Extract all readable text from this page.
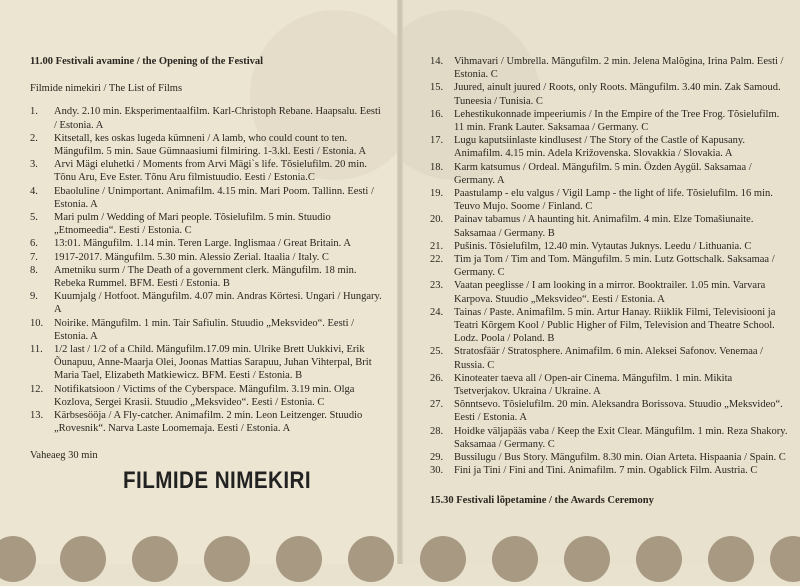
11.00 Festivali avamine / the Opening of the Festival
Filmide nimekiri / The List of Films
1.	Andy. 2.10 min. Eksperimentaalfilm. Karl-Christoph Rebane. Haapsalu. Eesti / Estonia. A
2.	Kitsetall, kes oskas lugeda kümneni / A lamb, who could count to ten. Mängufilm. 5 min. Saue Gümnaasiumi filmiring. 1-3.kl. Eesti / Estonia. A
3.	Arvi Mägi eluhetki / Moments from Arvi Mägi`s life. Tõsielufilm. 20 min. Tõnu Aru, Eve Ester. Tõnu Aru filmistuudio. Eesti / Estonia.C
4.	Ebaoluline / Unimportant. Animafilm. 4.15 min. Mari Poom. Tallinn. Eesti / Estonia. A
5.	Mari pulm / Wedding of Mari people. Tõsielufilm. 5 min. Stuudio „Etnomeedia“. Eesti / Estonia. C
6.	13:01. Mängufilm. 1.14 min. Teren Large. Inglismaa / Great Britain. A
7.	1917-2017. Mängufilm. 5.30 min. Alessio Zerial. Itaalia / Italy. C
8.	Ametniku surm / The Death of a government clerk. Mängufilm. 18 min. Rebeka Rummel. BFM. Eesti / Estonia. B
9.	Kuumjalg / Hotfoot. Mängufilm. 4.07 min. Andras Körtesi. Ungari / Hungary. A
10.	Noirike. Mängufilm. 1 min. Tair Safiulin. Stuudio „Meksvideo“. Eesti / Estonia. A
11.	1/2 last / 1/2 of a Child. Mängufilm.17.09 min. Ulrike Brett Uukkivi, Erik Õunapuu, Anne-Maarja Olei, Joonas Mattias Sarapuu, Juhan Vihterpal, Brit Maria Tael, Elizabeth Matkiewicz. BFM. Eesti / Estonia. B
12.	Notifikatsioon / Victims of the Cyberspace. Mängufilm. 3.19 min. Olga Kozlova, Sergei Krasii. Stuudio „Meksvideo“. Eesti / Estonia. C
13.	Kärbsesööja / A Fly-catcher. Animafilm. 2 min. Leon Leitzenger. Stuudio „Rovesnik“. Narva Laste Loomemaja. Eesti / Estonia. A
Vaheaeg 30 min
FILMIDE NIMEKIRI
14.	Vihmavari / Umbrella. Mängufilm. 2 min. Jelena Malõgina, Irina Palm. Eesti / Estonia. C
15.	Juured, ainult juured / Roots, only Roots. Mängufilm. 3.40 min. Zak Samoud. Tuneesia / Tunisia. C
16.	Lehestikukonnade impeeriumis / In the Empire of the Tree Frog. Tõsielufilm. 11 min. Frank Lauter. Saksamaa / Germany. C
17.	Lugu kaputsiinlaste kindlusest / The Story of the Castle of Kapusany. Animafilm. 4.15 min. Adela Križovenska. Slovakkia / Slovakia. A
18.	Karm katsumus / Ordeal. Mängufilm. 5 min. Özden Aygül. Saksamaa / Germany. A
19.	Paastulamp - elu valgus / Vigil Lamp - the light of life. Tõsielufilm. 16 min. Teuvo Mujo. Soome / Finland. C
20.	Painav tabamus / A haunting hit. Animafilm. 4 min. Elze Tomašiunaite. Saksamaa / Germany. B
21.	Pušinis. Tõsielufilm, 12.40 min. Vytautas Juknys. Leedu / Lithuania. C
22.	Tim ja Tom / Tim and Tom. Mängufilm. 5 min. Lutz Gottschalk. Saksamaa / Germany. C
23.	Vaatan peeglisse / I am looking in a mirror. Booktrailer. 1.05 min. Varvara Karpova. Stuudio „Meksvideo“. Eesti / Estonia. A
24.	Tainas / Paste. Animafilm. 5 min. Artur Hanay. Riiklik Filmi, Televisiooni ja Teatri Kõrgem Kool / Public Higher of Film, Television and Theatre School. Lodz. Poola / Poland. B
25.	Stratosfäär / Stratosphere. Animafilm. 6 min. Aleksei Safonov. Venemaa / Russia. C
26.	Kinoteater taeva all / Open-air Cinema. Mängufilm. 1 min. Mikita Tsetverjakov. Ukraina / Ukraine. A
27.	Sõnntsevo. Tõsielufilm. 20 min. Aleksandra Borissova. Stuudio „Meksvideo“. Eesti / Estonia. A
28.	Hoidke väljapääs vaba / Keep the Exit Clear. Mängufilm. 1 min. Reza Shakory. Saksamaa / Germany. C
29.	Bussilugu / Bus Story. Mängufilm. 8.30 min. Oian Arteta. Hispaania / Spain. C
30.	Fini ja Tini / Fini and Tini. Animafilm. 7 min. Ogablick Film. Austria. C
15.30 Festivali lõpetamine / the Awards Ceremony
